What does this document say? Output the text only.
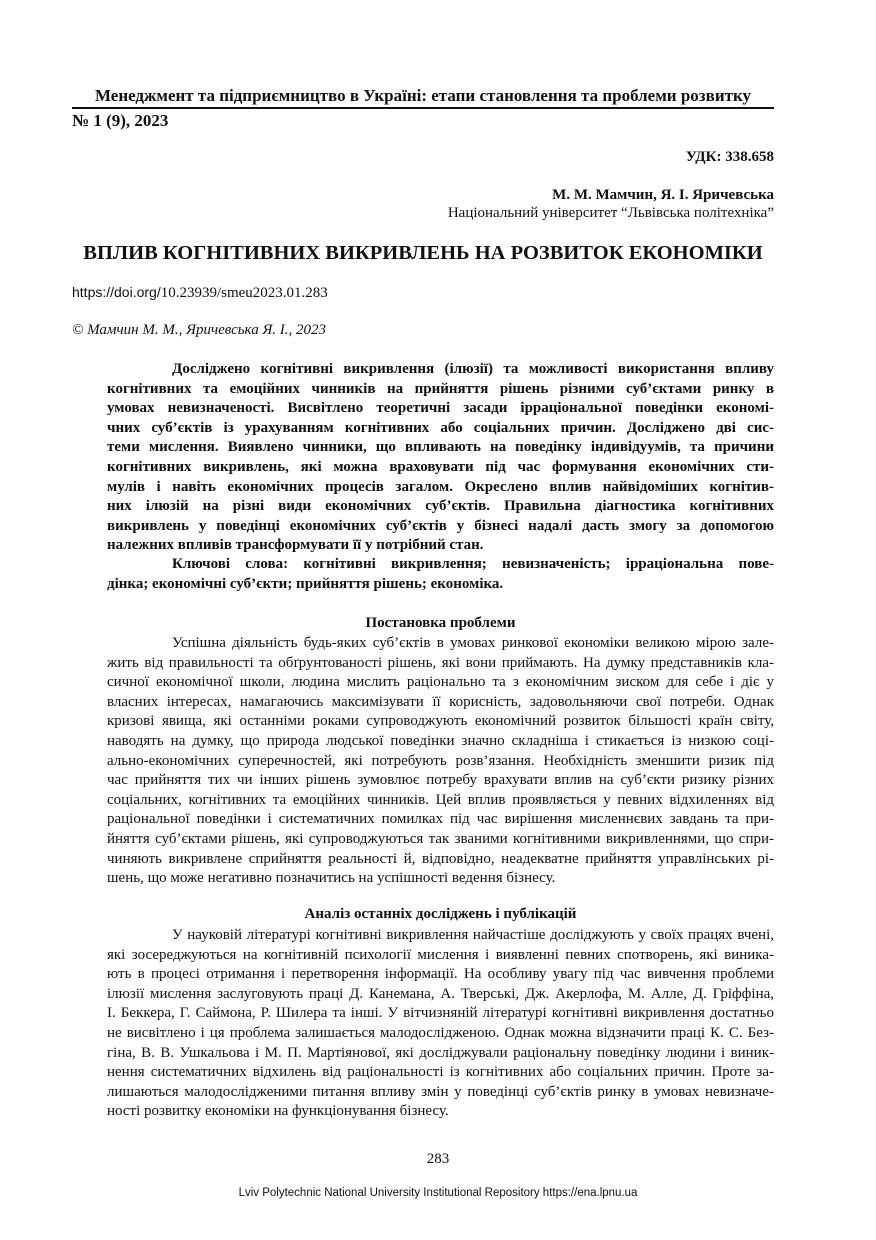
Менеджмент та підприємництво в Україні: етапи становлення та проблеми розвитку
№ 1 (9), 2023
УДК: 338.658
М. М. Мамчин, Я. І. Яричевська
Національний університет “Львівська політехніка”
ВПЛИВ КОГНІТИВНИХ ВИКРИВЛЕНЬ НА РОЗВИТОК ЕКОНОМІКИ
https://doi.org/10.23939/smeu2023.01.283
© Мамчин М. М., Яричевська Я. І., 2023
Досліджено когнітивні викривлення (ілюзії) та можливості використання впливу
когнітивних та емоційних чинників на прийняття рішень різними суб’єктами ринку в
умовах невизначеності. Висвітлено теоретичні засади ірраціональної поведінки економі-
чних суб’єктів із урахуванням когнітивних або соціальних причин. Досліджено дві сис-
теми мислення. Виявлено чинники, що впливають на поведінку індивідуумів, та причини
когнітивних викривлень, які можна враховувати під час формування економічних сти-
мулів і навіть економічних процесів загалом. Окреслено вплив найвідоміших когнітив-
них ілюзій на різні види економічних суб’єктів. Правильна діагностика когнітивних
викривлень у поведінці економічних суб’єктів у бізнесі надалі дасть змогу за допомогою
належних впливів трансформувати її у потрібний стан.
Ключові слова: когнітивні викривлення; невизначеність; ірраціональна пове-
дінка; економічні суб’єкти; прийняття рішень; економіка.
Постановка проблеми
Успішна діяльність будь-яких суб’єктів в умовах ринкової економіки великою мірою зале-
жить від правильності та обґрунтованості рішень, які вони приймають. На думку представників кла-
сичної економічної школи, людина мислить раціонально та з економічним зиском для себе і діє у
власних інтересах, намагаючись максимізувати її корисність, задовольняючи свої потреби. Однак
кризові явища, які останніми роками супроводжують економічний розвиток більшості країн світу,
наводять на думку, що природа людської поведінки значно складніша і стикається із низкою соці-
ально-економічних суперечностей, які потребують розв’язання. Необхідність зменшити ризик під
час прийняття тих чи інших рішень зумовлює потребу врахувати вплив на суб’єкти ризику різних
соціальних, когнітивних та емоційних чинників. Цей вплив проявляється у певних відхиленнях від
раціональної поведінки і систематичних помилках під час вирішення мисленнєвих завдань та при-
йняття суб’єктами рішень, які супроводжуються так званими когнітивними викривленнями, що спри-
чиняють викривлене сприйняття реальності й, відповідно, неадекватне прийняття управлінських рі-
шень, що може негативно позначитись на успішності ведення бізнесу.
Аналіз останніх досліджень і публікацій
У науковій літературі когнітивні викривлення найчастіше досліджують у своїх працях вчені,
які зосереджуються на когнітивній психології мислення і виявленні певних спотворень, які виника-
ють в процесі отримання і перетворення інформації. На особливу увагу під час вивчення проблеми
ілюзії мислення заслуговують праці Д. Канемана, А. Тверські, Дж. Акерлофа, М. Алле, Д. Гріффіна,
І. Беккера, Г. Саймона, Р. Шилера та інші. У вітчизняній літературі когнітивні викривлення достатньо
не висвітлено і ця проблема залишається малодослідженою. Однак можна відзначити праці К. С. Без-
гіна, В. В. Ушкальова і М. П. Мартіянової, які досліджували раціональну поведінку людини і виник-
нення систематичних відхилень від раціональності із когнітивних або соціальних причин. Проте за-
лишаються малодослідженими питання впливу змін у поведінці суб’єктів ринку в умовах невизначе-
ності розвитку економіки на функціонування бізнесу.
283
Lviv Polytechnic National University Institutional Repository https://ena.lpnu.ua
